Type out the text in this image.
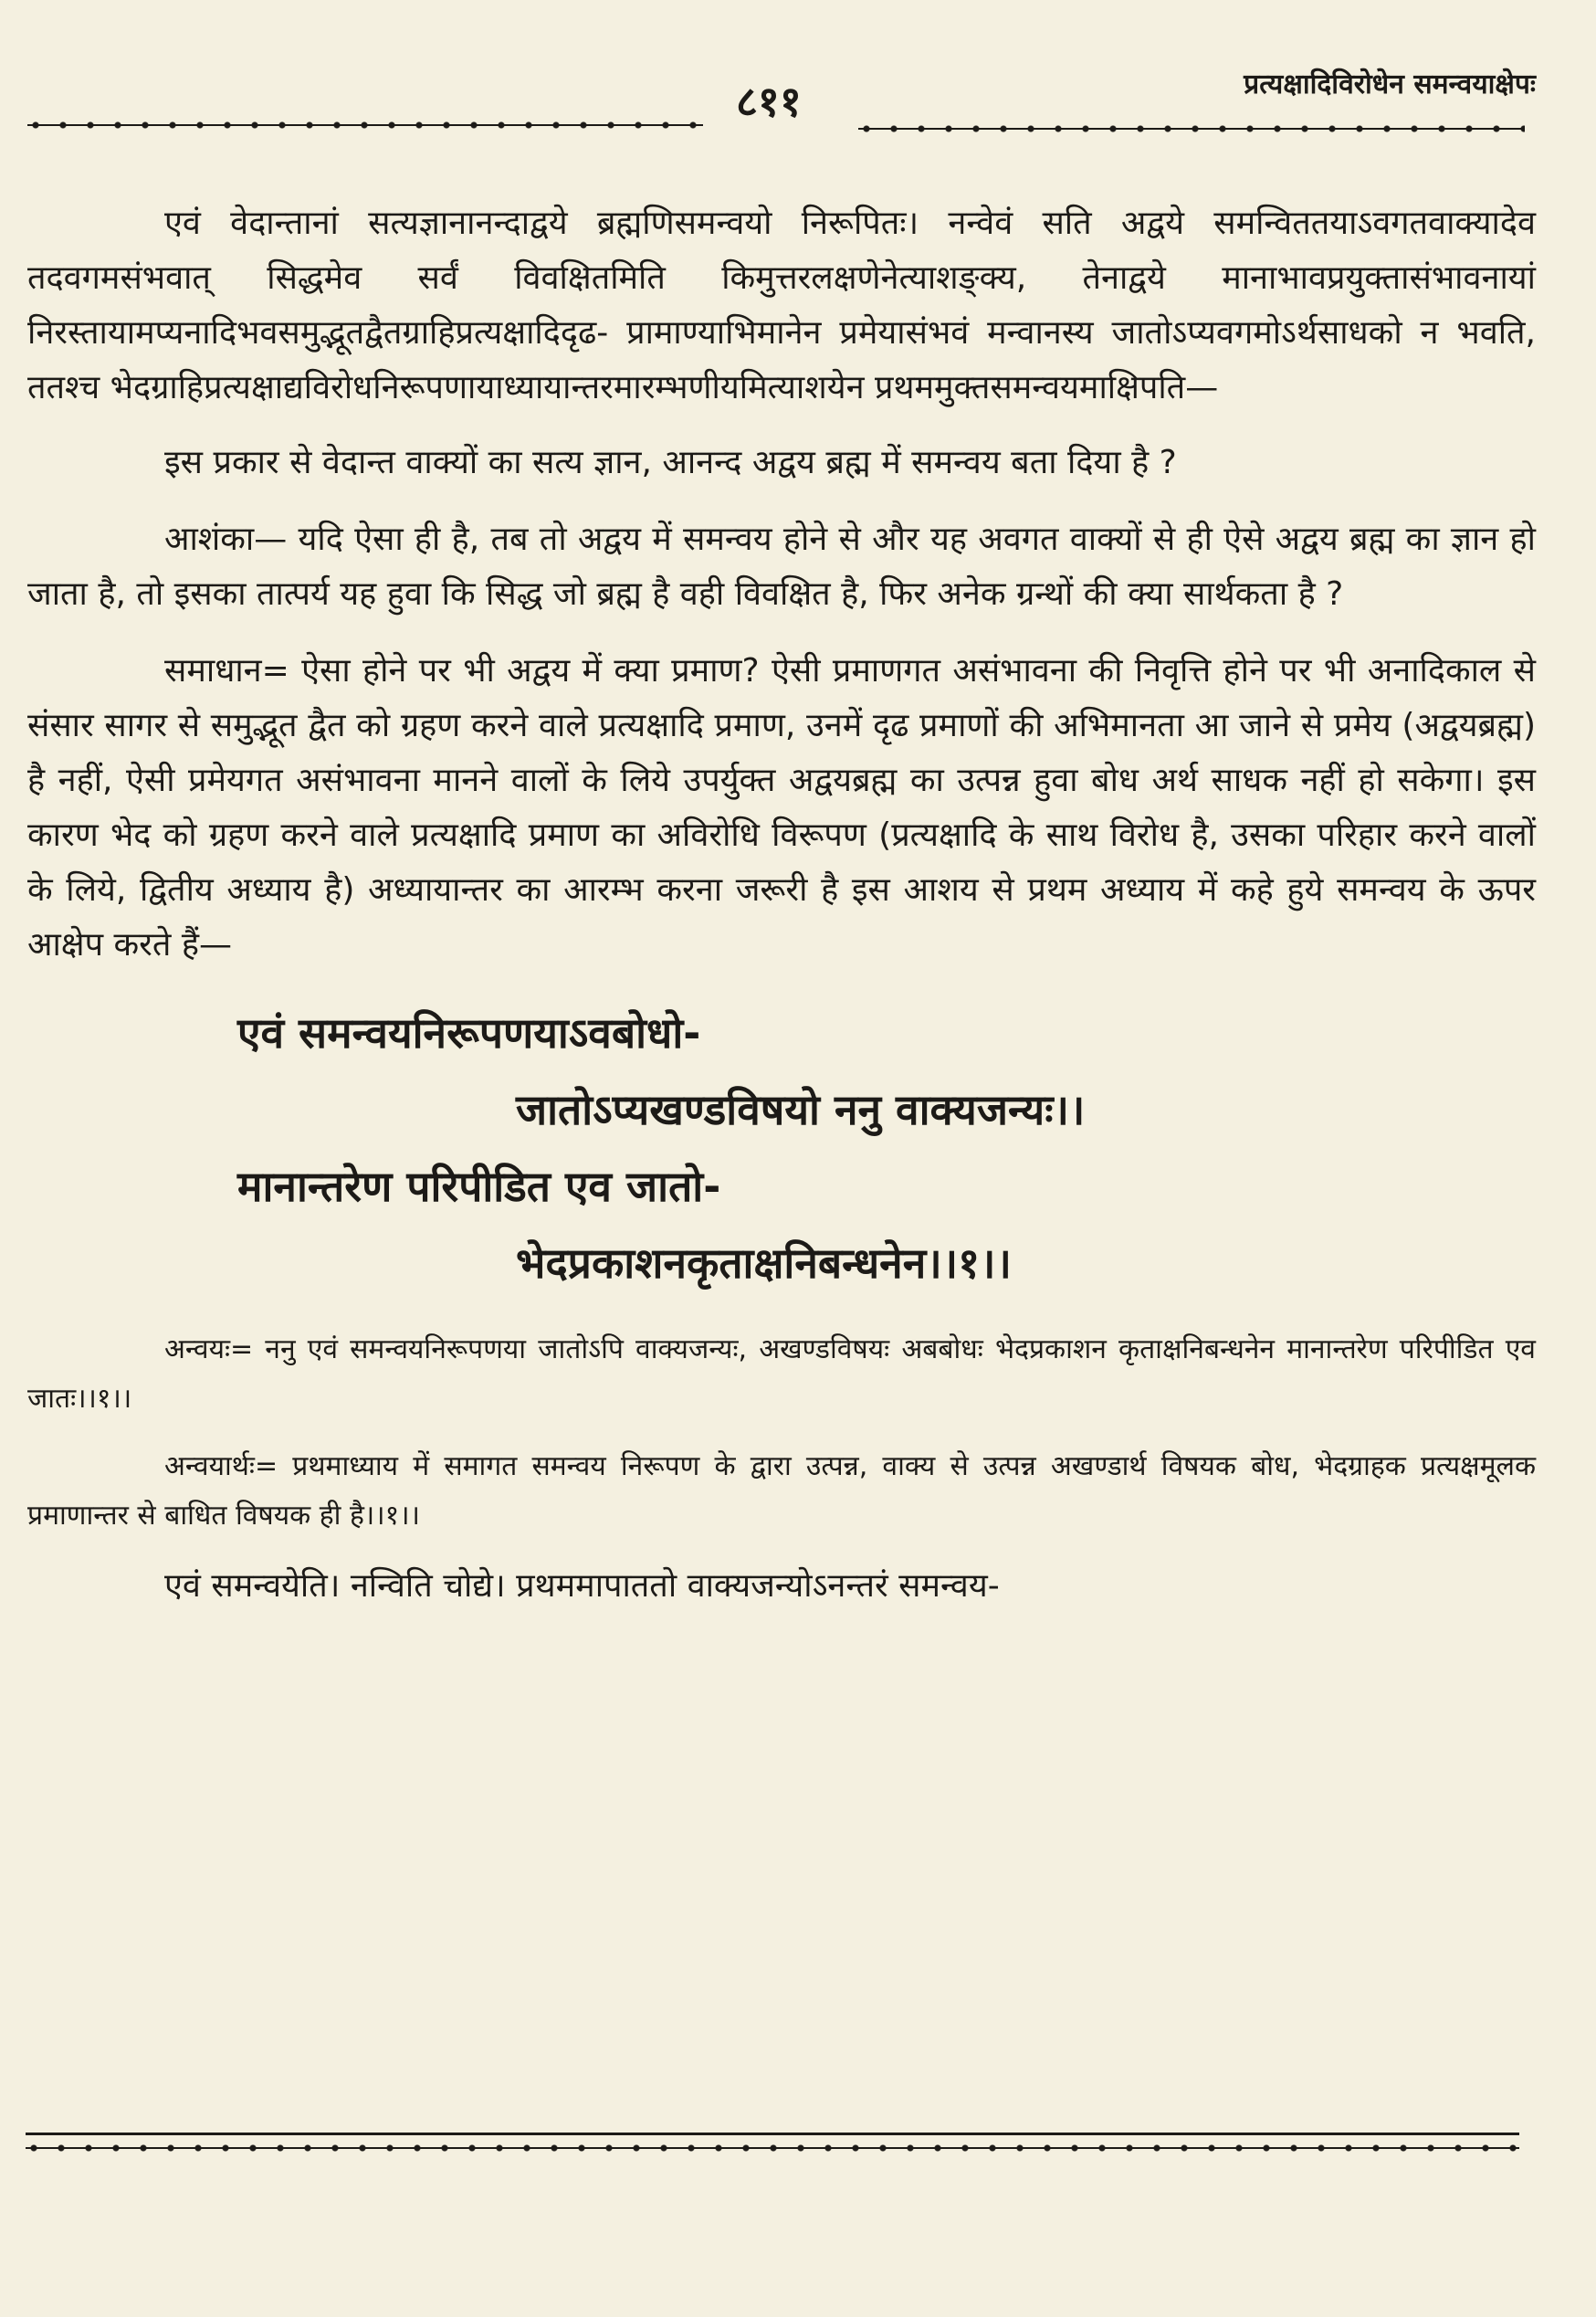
८११	प्रत्यक्षादिविरोधेन समन्वयाक्षेपः

एवं वेदान्तानां सत्यज्ञानानन्दाद्वये ब्रह्मणिसमन्वयो निरूपितः। नन्वेवं सति अद्वये समन्विततयाऽवगतवाक्यादेव तदवगमसंभवात् सिद्धमेव सर्वं विवक्षितमिति किमुत्तरलक्षणेनेत्याशङ्क्य, तेनाद्वये मानाभावप्रयुक्तासंभावनायां निरस्तायामप्यनादिभवसमुद्भूतद्वैतग्राहिप्रत्यक्षादिदृढ- प्रामाण्याभिमानेन प्रमेयासंभवं मन्वानस्य जातोऽप्यवगमोऽर्थसाधको न भवति, ततश्च भेदग्राहिप्रत्यक्षाद्यविरोधनिरूपणायाध्यायान्तरमारम्भणीयमित्याशयेन प्रथममुक्तसमन्वयमाक्षिपति—

इस प्रकार से वेदान्त वाक्यों का सत्य ज्ञान, आनन्द अद्वय ब्रह्म में समन्वय बता दिया है ?

आशंका— यदि ऐसा ही है, तब तो अद्वय में समन्वय होने से और यह अवगत वाक्यों से ही ऐसे अद्वय ब्रह्म का ज्ञान हो जाता है, तो इसका तात्पर्य यह हुवा कि सिद्ध जो ब्रह्म है वही विवक्षित है, फिर अनेक ग्रन्थों की क्या सार्थकता है ?

समाधान= ऐसा होने पर भी अद्वय में क्या प्रमाण? ऐसी प्रमाणगत असंभावना की निवृत्ति होने पर भी अनादिकाल से संसार सागर से समुद्भूत द्वैत को ग्रहण करने वाले प्रत्यक्षादि प्रमाण, उनमें दृढ प्रमाणों की अभिमानता आ जाने से प्रमेय (अद्वयब्रह्म) है नहीं, ऐसी प्रमेयगत असंभावना मानने वालों के लिये उपर्युक्त अद्वयब्रह्म का उत्पन्न हुवा बोध अर्थ साधक नहीं हो सकेगा। इस कारण भेद को ग्रहण करने वाले प्रत्यक्षादि प्रमाण का अविरोधि विरूपण (प्रत्यक्षादि के साथ विरोध है, उसका परिहार करने वालों के लिये, द्वितीय अध्याय है) अध्यायान्तर का आरम्भ करना जरूरी है इस आशय से प्रथम अध्याय में कहे हुये समन्वय के ऊपर आक्षेप करते हैं—

एवं समन्वयनिरूपणयाऽवबोधो-
जातोऽप्यखण्डविषयो ननु वाक्यजन्यः।।
मानान्तरेण परिपीडित एव जातो-
भेदप्रकाशनकृताक्षनिबन्धनेन।।१।।

अन्वयः= ननु एवं समन्वयनिरूपणया जातोऽपि वाक्यजन्यः, अखण्डविषयः अबबोधः भेदप्रकाशन कृताक्षनिबन्धनेन मानान्तरेण परिपीडित एव जातः।।१।।

अन्वयार्थः= प्रथमाध्याय में समागत समन्वय निरूपण के द्वारा उत्पन्न, वाक्य से उत्पन्न अखण्डार्थ विषयक बोध, भेदग्राहक प्रत्यक्षमूलक प्रमाणान्तर से बाधित विषयक ही है।।१।।

एवं समन्वयेति। नन्विति चोद्ये। प्रथममापाततो वाक्यजन्योऽनन्तरं समन्वय-
